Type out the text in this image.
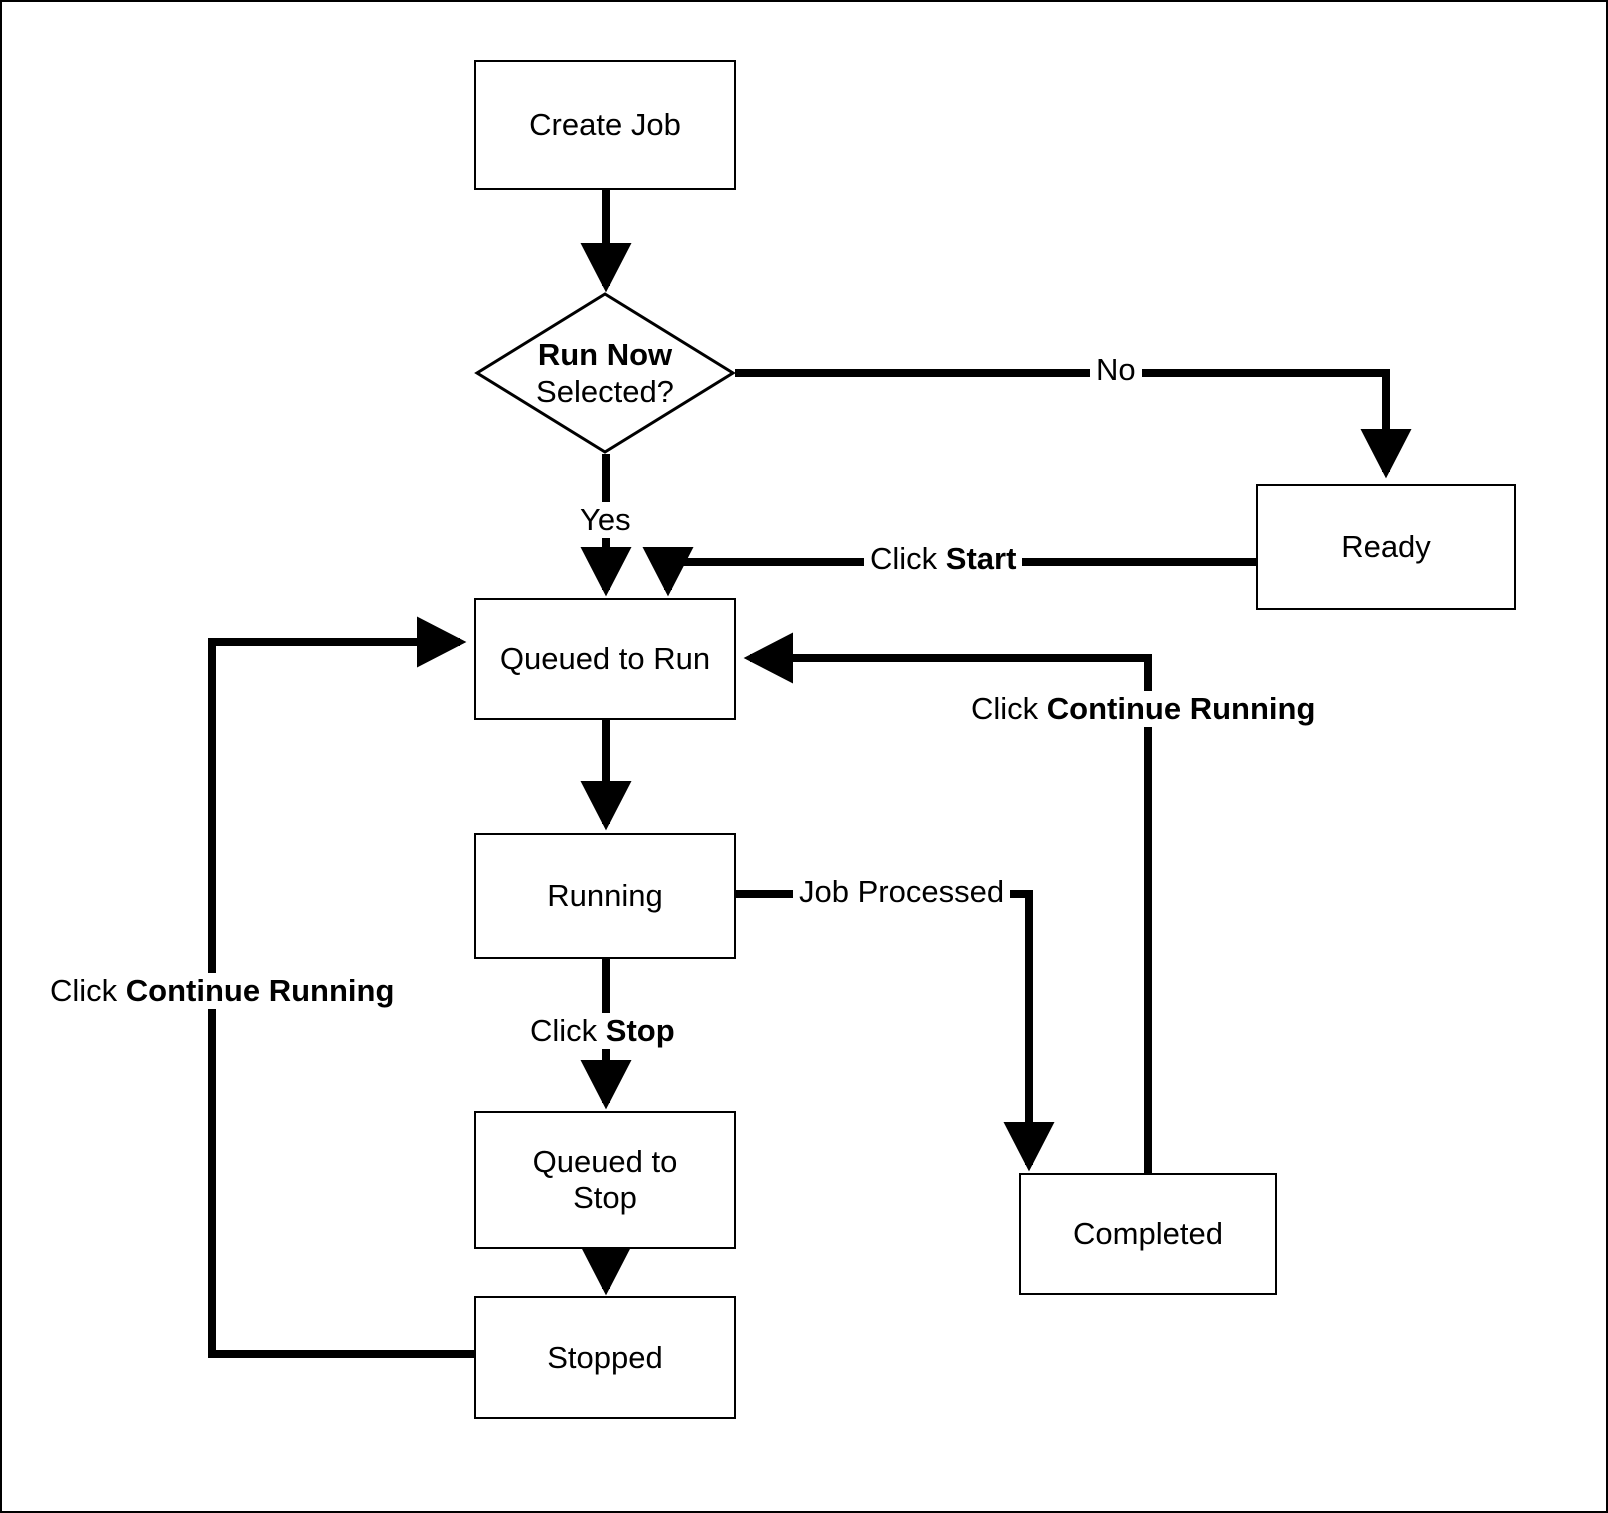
Create Job
Run Now
Selected?
Ready
Queued to Run
Running
Queued to
Stop
Stopped
Completed
No
Yes
Click Start
Click Continue Running
Job Processed
Click Stop
Click Continue Running
